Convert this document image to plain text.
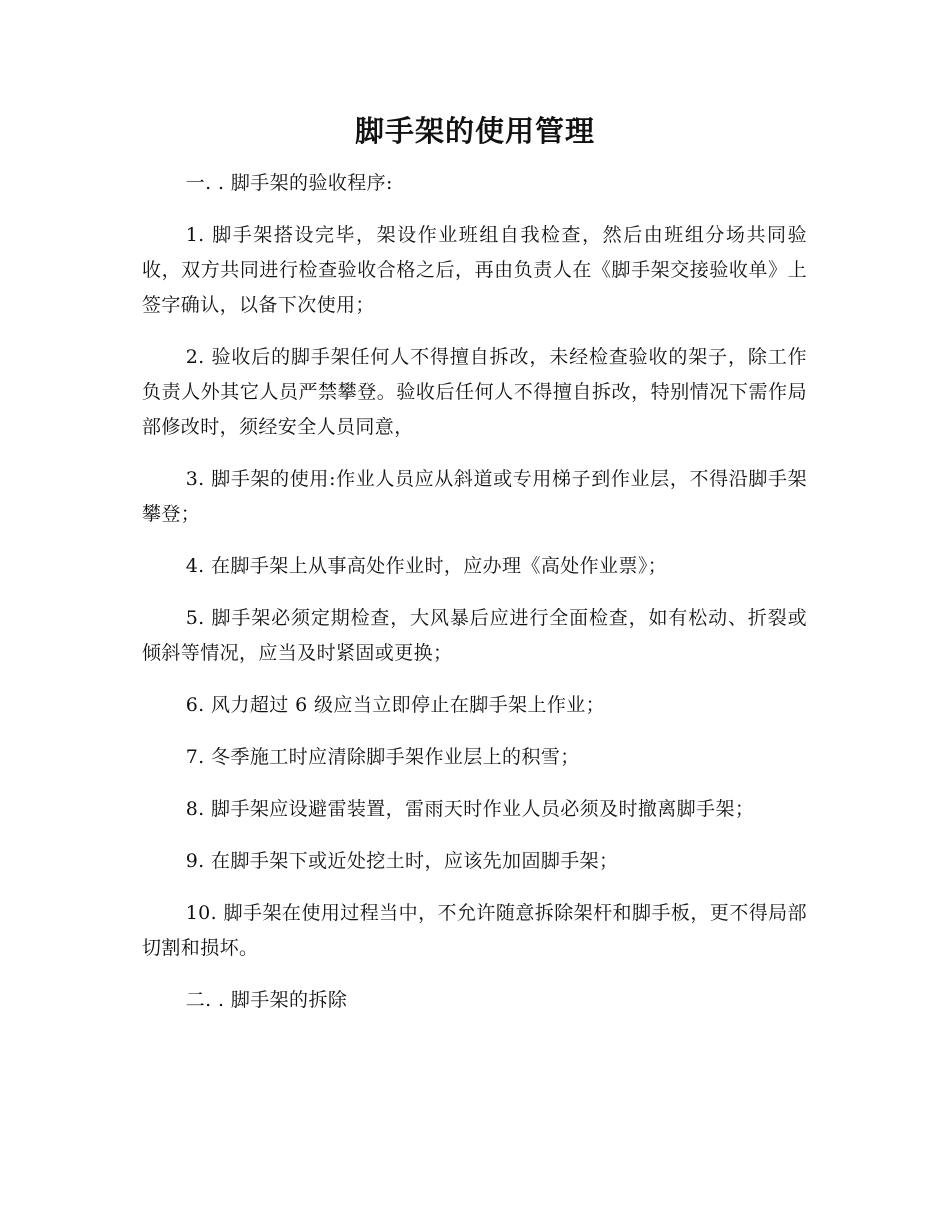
脚手架的使用管理

一. . 脚手架的验收程序:

1. 脚手架搭设完毕，架设作业班组自我检查，然后由班组分场共同验收，双方共同进行检查验收合格之后，再由负责人在《脚手架交接验收单》上签字确认，以备下次使用；

2. 验收后的脚手架任何人不得擅自拆改，未经检查验收的架子，除工作负责人外其它人员严禁攀登。验收后任何人不得擅自拆改，特别情况下需作局部修改时，须经安全人员同意，

3. 脚手架的使用:作业人员应从斜道或专用梯子到作业层，不得沿脚手架攀登；

4. 在脚手架上从事高处作业时，应办理《高处作业票》；

5. 脚手架必须定期检查，大风暴后应进行全面检查，如有松动、折裂或倾斜等情况，应当及时紧固或更换；

6. 风力超过 6 级应当立即停止在脚手架上作业；

7. 冬季施工时应清除脚手架作业层上的积雪；

8. 脚手架应设避雷装置，雷雨天时作业人员必须及时撤离脚手架；

9. 在脚手架下或近处挖土时，应该先加固脚手架；

10. 脚手架在使用过程当中，不允许随意拆除架杆和脚手板，更不得局部切割和损坏。

二. . 脚手架的拆除
